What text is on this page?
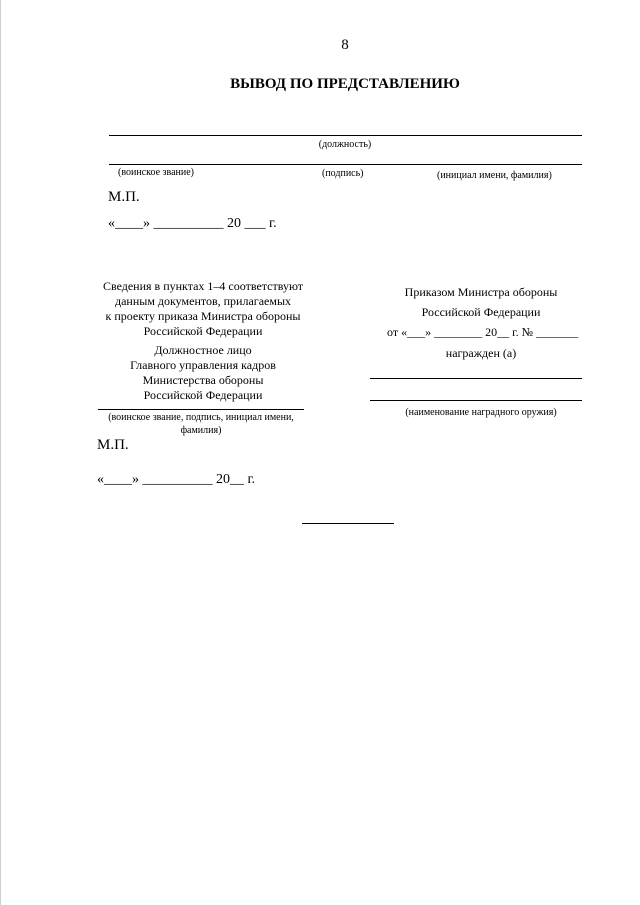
8
ВЫВОД ПО ПРЕДСТАВЛЕНИЮ
(должность)
(воинское звание)	(подпись)	(инициал имени, фамилия)
М.П.
«____» __________ 20 ___ г.
Сведения в пунктах 1–4 соответствуют
данным документов, прилагаемых
к проекту приказа Министра обороны
Российской Федерации
Должностное лицо
Главного управления кадров
Министерства обороны
Российской Федерации
(воинское звание, подпись, инициал имени,
фамилия)
М.П.
«____» __________ 20__ г.
Приказом Министра обороны
Российской Федерации
от «___» ________ 20__ г. № _______
награжден (а)
(наименование наградного оружия)
